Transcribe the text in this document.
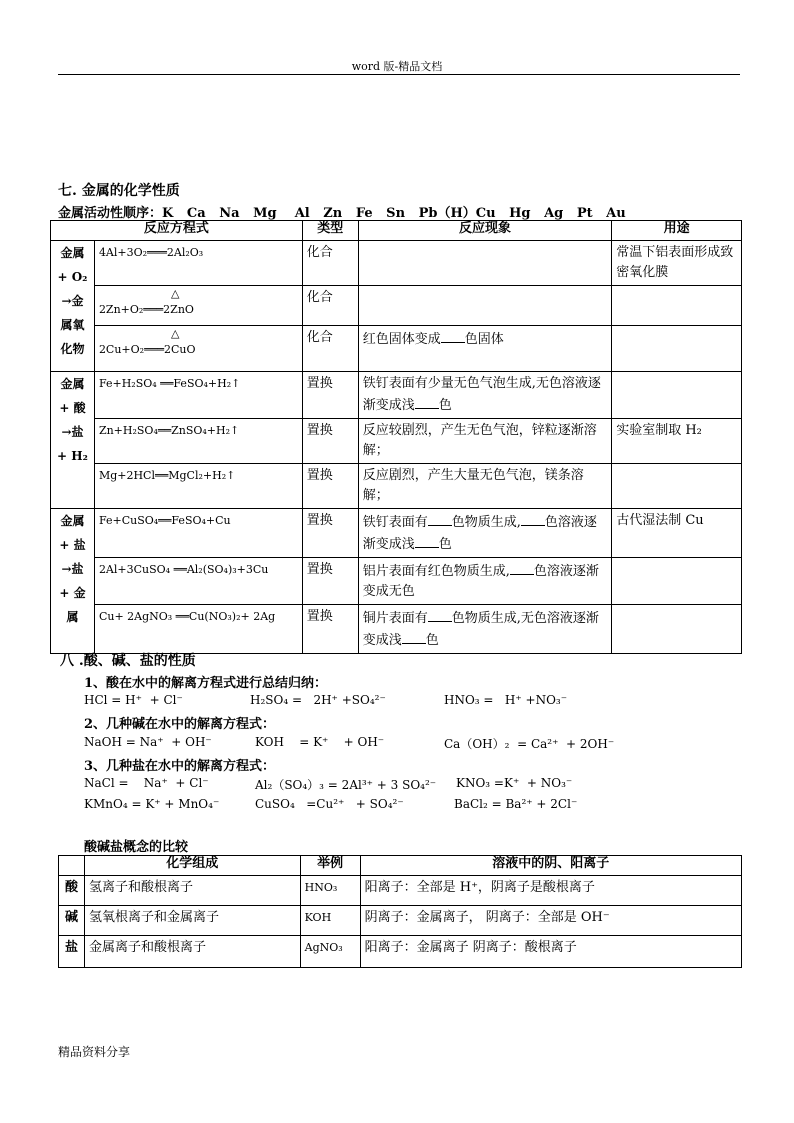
word 版-精品文档
七. 金属的化学性质
金属活动性顺序：K   Ca   Na   Mg    Al   Zn   Fe   Sn   Pb（H）Cu   Hg   Ag   Pt   Au
反应方程式		类型	反应现象	用途
金属
+ O₂
→金
属氧
化物	4Al+3O₂═══2Al₂O₃	化合		常温下铝表面形成致密氧化膜

	△
2Zn+O₂═══2ZnO	化合		

	△
2Cu+O₂═══2CuO	化合	红色固体变成 色固体	
金属
+ 酸
→盐
+ H₂	Fe+H₂SO₄ ══FeSO₄+H₂↑	置换	铁钉表面有少量无色气泡生成,无色溶液逐渐变成浅 色	
	Zn+H₂SO₄══ZnSO₄+H₂↑	置换	反应较剧烈，产生无色气泡，锌粒逐渐溶解；	实验室制取 H₂
	Mg+2HCl══MgCl₂+H₂↑	置换	反应剧烈，产生大量无色气泡，镁条溶解；	
金属
+ 盐
→盐
+ 金
属	Fe+CuSO₄══FeSO₄+Cu	置换	铁钉表面有 色物质生成, 色溶液逐渐变成浅 色	古代湿法制 Cu
	2Al+3CuSO₄ ══Al₂(SO₄)₃+3Cu	置换	铝片表面有红色物质生成, 色溶液逐渐变成无色	
	Cu+ 2AgNO₃ ══Cu(NO₃)₂+ 2Ag	置换	铜片表面有 色物质生成,无色溶液逐渐变成浅 色	
八 .酸、碱、盐的性质
1、酸在水中的解离方程式进行总结归纳：
HCl = H⁺  + Cl⁻	H₂SO₄ =   2H⁺ +SO₄²⁻	HNO₃ =   H⁺ +NO₃⁻
2、几种碱在水中的解离方程式：
NaOH = Na⁺  + OH⁻	KOH    = K⁺    + OH⁻	Ca（OH）₂  = Ca²⁺  + 2OH⁻
3、几种盐在水中的解离方程式：
NaCl =    Na⁺  + Cl⁻	Al₂（SO₄）₃ = 2Al³⁺ + 3 SO₄²⁻ KNO₃ =K⁺  + NO₃⁻
KMnO₄ = K⁺ + MnO₄⁻	CuSO₄   =Cu²⁺   + SO₄²⁻	BaCl₂ = Ba²⁺ + 2Cl⁻
酸碱盐概念的比较
	化学组成	举例	溶液中的阴、阳离子
酸	氢离子和酸根离子	HNO₃	阳离子：全部是 H⁺，阴离子是酸根离子
碱	氢氧根离子和金属离子	KOH	阴离子：金属离子， 阴离子：全部是 OH⁻
盐	金属离子和酸根离子	AgNO₃	阳离子：金属离子 阴离子：酸根离子
精品资料分享
